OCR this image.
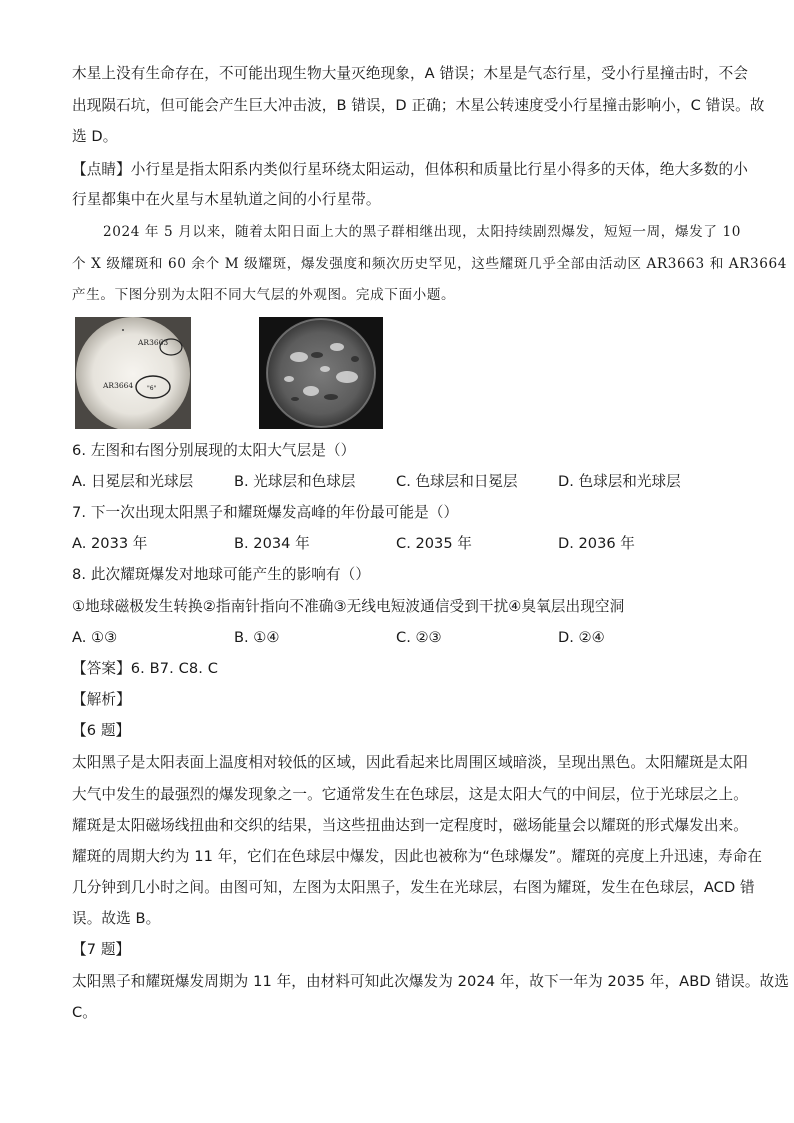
木星上没有生命存在，不可能出现生物大量灭绝现象，A 错误；木星是气态行星，受小行星撞击时，不会
出现陨石坑，但可能会产生巨大冲击波，B 错误，D 正确；木星公转速度受小行星撞击影响小，C 错误。故
选 D。
【点睛】小行星是指太阳系内类似行星环绕太阳运动，但体积和质量比行星小得多的天体，绝大多数的小
行星都集中在火星与木星轨道之间的小行星带。
2024 年 5 月以来，随着太阳日面上大的黑子群相继出现，太阳持续剧烈爆发，短短一周，爆发了 10
个 X 级耀斑和 60 余个 M 级耀斑，爆发强度和频次历史罕见，这些耀斑几乎全部由活动区 AR3663 和 AR3664
产生。下图分别为太阳不同大气层的外观图。完成下面小题。
AR3663
AR3664 "6"
6. 左图和右图分别展现的太阳大气层是（）
A. 日冕层和光球层	B. 光球层和色球层	C. 色球层和日冕层	D. 色球层和光球层
7. 下一次出现太阳黑子和耀斑爆发高峰的年份最可能是（）
A. 2033 年	B. 2034 年	C. 2035 年	D. 2036 年
8. 此次耀斑爆发对地球可能产生的影响有（）
①地球磁极发生转换②指南针指向不准确③无线电短波通信受到干扰④臭氧层出现空洞
A. ①③	B. ①④	C. ②③	D. ②④
【答案】6. B7. C8. C
【解析】
【6 题】
太阳黑子是太阳表面上温度相对较低的区域，因此看起来比周围区域暗淡，呈现出黑色。太阳耀斑是太阳
大气中发生的最强烈的爆发现象之一。它通常发生在色球层，这是太阳大气的中间层，位于光球层之上。
耀斑是太阳磁场线扭曲和交织的结果，当这些扭曲达到一定程度时，磁场能量会以耀斑的形式爆发出来。
耀斑的周期大约为 11 年，它们在色球层中爆发，因此也被称为“色球爆发”。耀斑的亮度上升迅速，寿命在
几分钟到几小时之间。由图可知，左图为太阳黑子，发生在光球层，右图为耀斑，发生在色球层，ACD 错
误。故选 B。
【7 题】
太阳黑子和耀斑爆发周期为 11 年，由材料可知此次爆发为 2024 年，故下一年为 2035 年，ABD 错误。故选
C。
